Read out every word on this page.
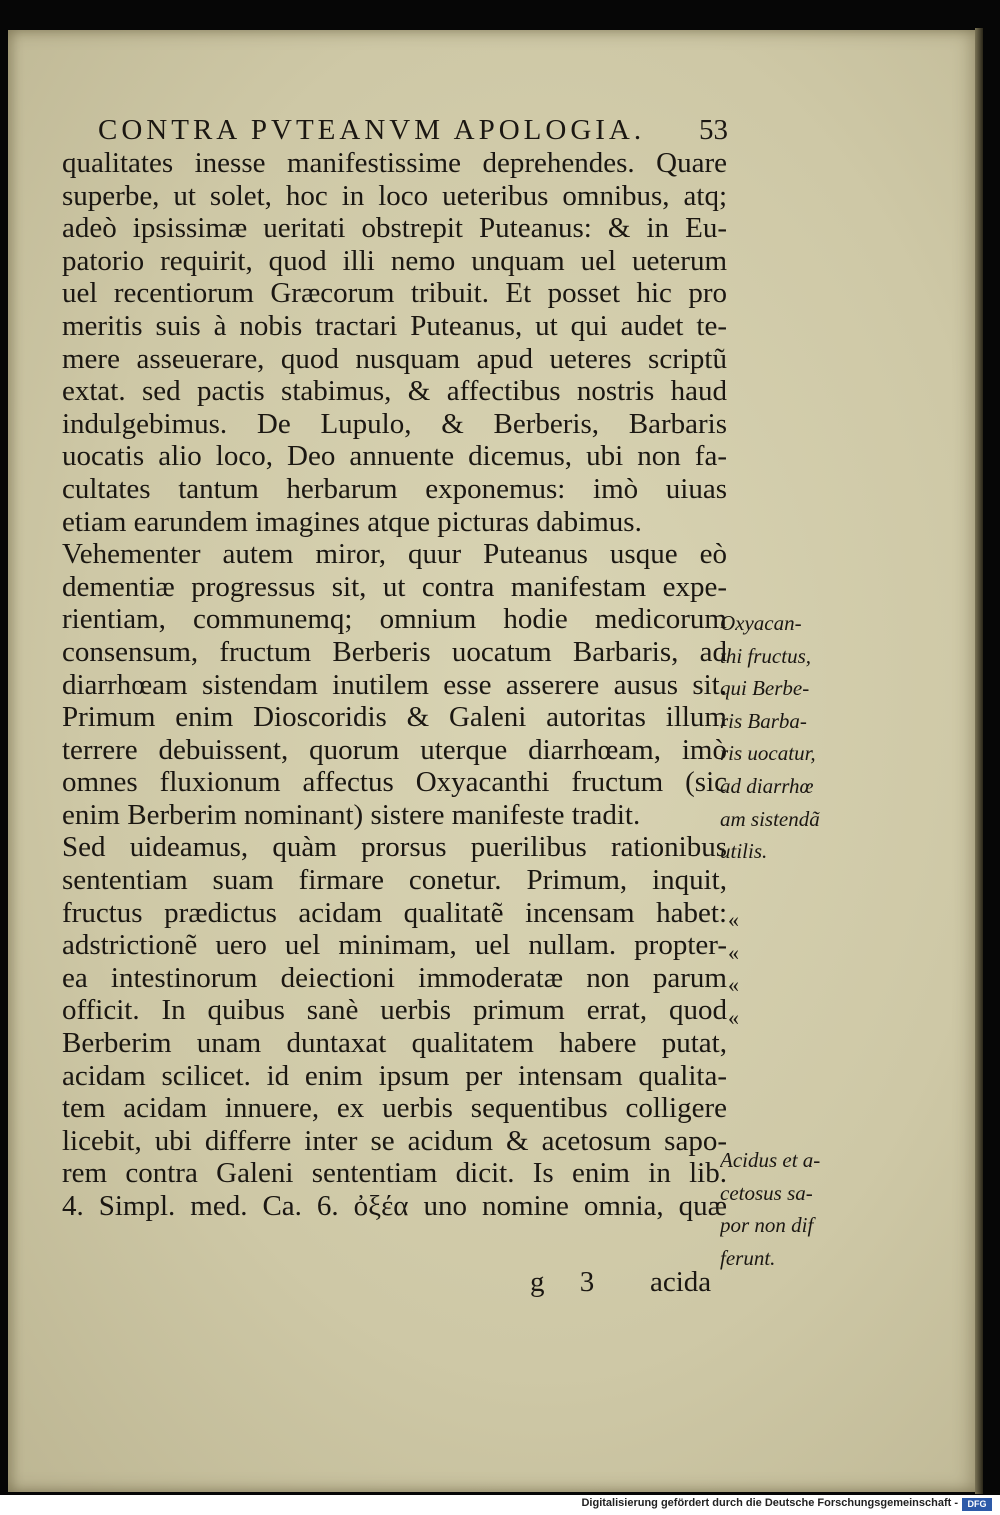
CONTRA PVTEANVM APOLOGIA. 53
qualitates inesse manifestissime deprehendes. Quare
superbe, ut solet, hoc in loco ueteribus omnibus, atq;
adeò ipsissimæ ueritati obstrepit Puteanus: & in Eu-
patorio requirit, quod illi nemo unquam uel ueterum
uel recentiorum Græcorum tribuit. Et posset hic pro
meritis suis à nobis tractari Puteanus, ut qui audet te-
mere asseuerare, quod nusquam apud ueteres scriptũ
extat. sed pactis stabimus, & affectibus nostris haud
indulgebimus. De Lupulo, & Berberis, Barbaris
uocatis alio loco, Deo annuente dicemus, ubi non fa-
cultates tantum herbarum exponemus: imò uiuas
etiam earundem imagines atque picturas dabimus.
Vehementer autem miror, quur Puteanus usque eò
dementiæ progressus sit, ut contra manifestam expe-
rientiam, communemq; omnium hodie medicorum
consensum, fructum Berberis uocatum Barbaris, ad
diarrhœam sistendam inutilem esse asserere ausus sit.
Primum enim Dioscoridis & Galeni autoritas illum
terrere debuissent, quorum uterque diarrhœam, imò
omnes fluxionum affectus Oxyacanthi fructum (sic
enim Berberim nominant) sistere manifeste tradit.
Sed uideamus, quàm prorsus puerilibus rationibus
sententiam suam firmare conetur. Primum, inquit,
fructus prædictus acidam qualitatẽ incensam habet:
adstrictionẽ uero uel minimam, uel nullam. propter-
ea intestinorum deiectioni immoderatæ non parum
officit. In quibus sanè uerbis primum errat, quod
Berberim unam duntaxat qualitatem habere putat,
acidam scilicet. id enim ipsum per intensam qualita-
tem acidam innuere, ex uerbis sequentibus colligere
licebit, ubi differre inter se acidum & acetosum sapo-
rem contra Galeni sententiam dicit. Is enim in lib.
4. Simpl. med. Ca. 6. ὀξέα uno nomine omnia, quæ
Oxyacan-
thi fructus,
qui Berbe-
ris Barba-
ris uocatur,
ad diarrhœ
am sistendã
utilis.
Acidus et a-
cetosus sa-
por non dif
ferunt.
«
«
«
«
g 3 acida
Digitalisierung gefördert durch die Deutsche Forschungsgemeinschaft -	DFG
